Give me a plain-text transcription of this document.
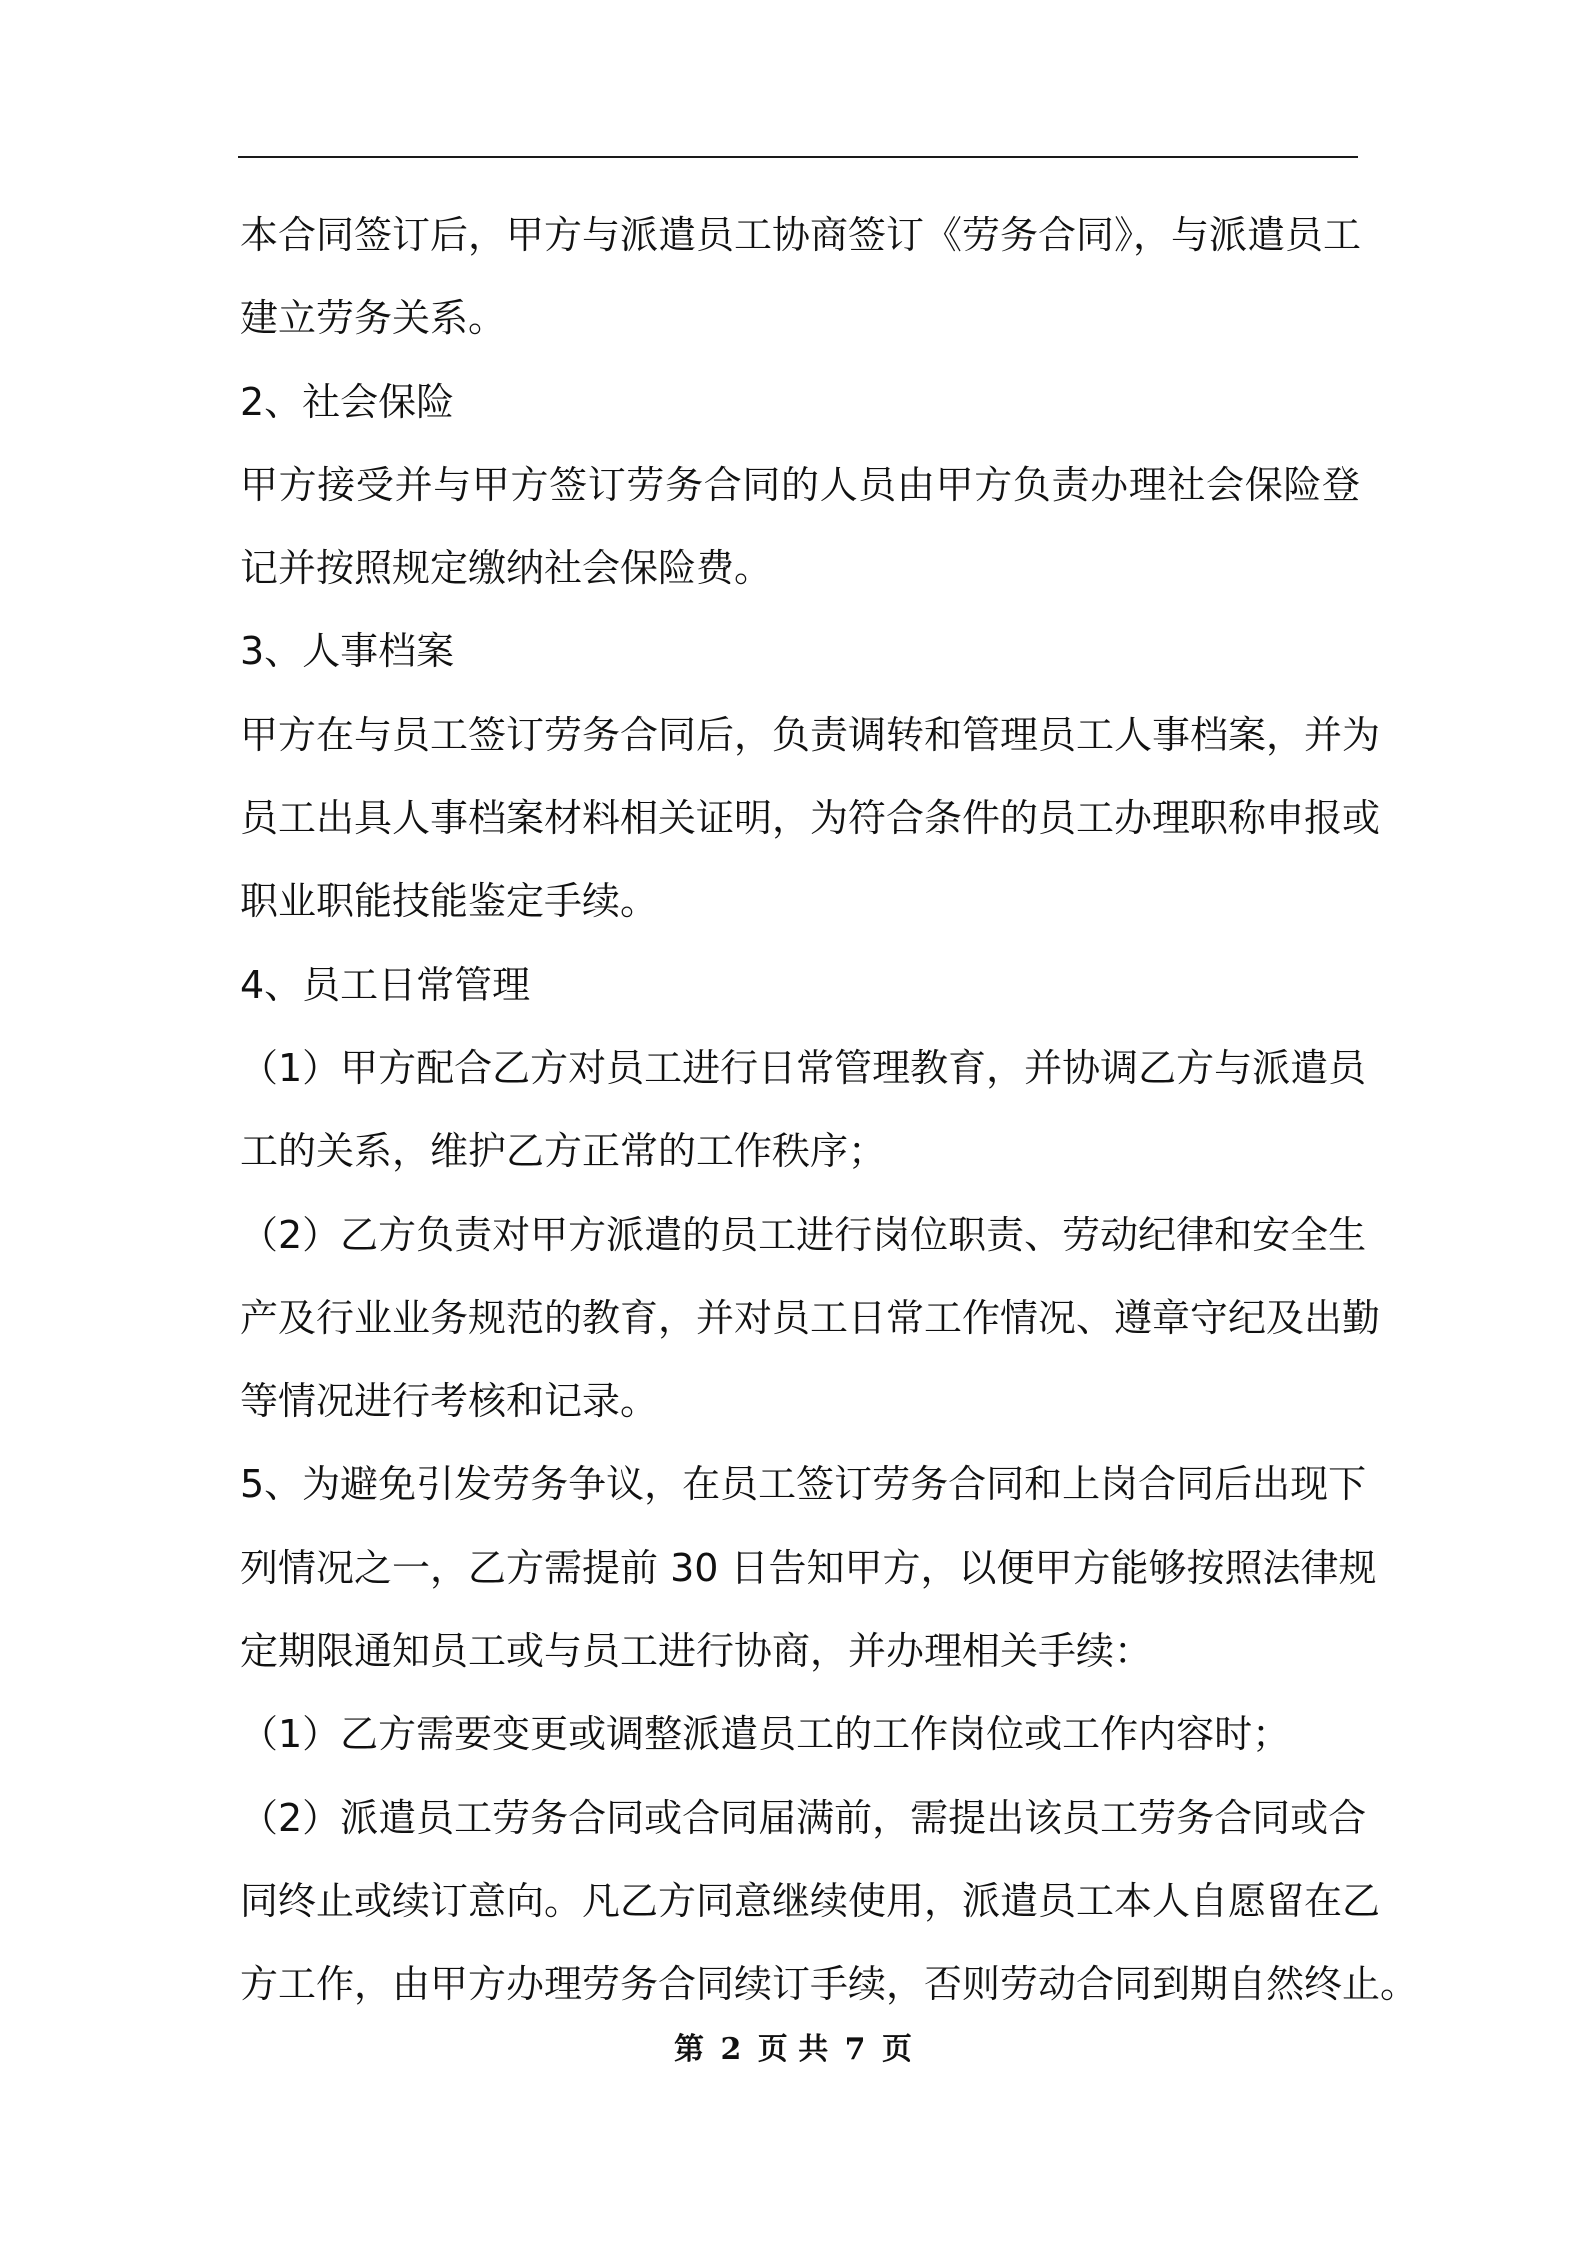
本合同签订后，甲方与派遣员工协商签订《劳务合同》，与派遣员工
建立劳务关系。
2、社会保险
甲方接受并与甲方签订劳务合同的人员由甲方负责办理社会保险登
记并按照规定缴纳社会保险费。
3、人事档案
甲方在与员工签订劳务合同后，负责调转和管理员工人事档案，并为
员工出具人事档案材料相关证明，为符合条件的员工办理职称申报或
职业职能技能鉴定手续。
4、员工日常管理
（1）甲方配合乙方对员工进行日常管理教育，并协调乙方与派遣员
工的关系，维护乙方正常的工作秩序；
（2）乙方负责对甲方派遣的员工进行岗位职责、劳动纪律和安全生
产及行业业务规范的教育，并对员工日常工作情况、遵章守纪及出勤
等情况进行考核和记录。
5、为避免引发劳务争议，在员工签订劳务合同和上岗合同后出现下
列情况之一，乙方需提前 30 日告知甲方，以便甲方能够按照法律规
定期限通知员工或与员工进行协商，并办理相关手续：
（1）乙方需要变更或调整派遣员工的工作岗位或工作内容时；
（2）派遣员工劳务合同或合同届满前，需提出该员工劳务合同或合
同终止或续订意向。凡乙方同意继续使用，派遣员工本人自愿留在乙
方工作，由甲方办理劳务合同续订手续，否则劳动合同到期自然终止。
第 2 页 共 7 页
